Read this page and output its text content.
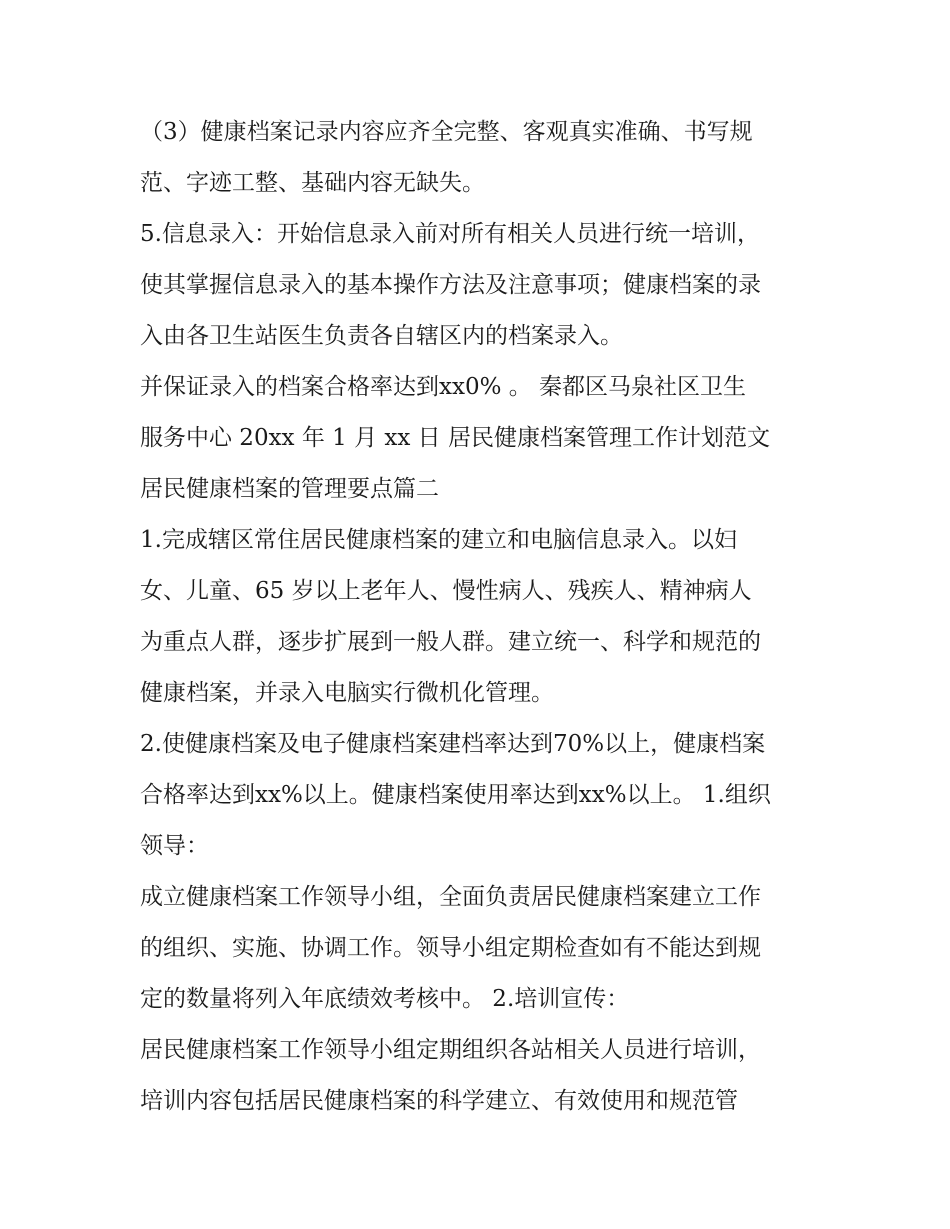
（3）健康档案记录内容应齐全完整、客观真实准确、书写规
范、字迹工整、基础内容无缺失。
5.信息录入：开始信息录入前对所有相关人员进行统一培训，
使其掌握信息录入的基本操作方法及注意事项；健康档案的录
入由各卫生站医生负责各自辖区内的档案录入。
并保证录入的档案合格率达到xx0% 。 秦都区马泉社区卫生
服务中心 20xx 年 1 月 xx 日 居民健康档案管理工作计划范文
居民健康档案的管理要点篇二
1.完成辖区常住居民健康档案的建立和电脑信息录入。以妇
女、儿童、65 岁以上老年人、慢性病人、残疾人、精神病人
为重点人群，逐步扩展到一般人群。建立统一、科学和规范的
健康档案，并录入电脑实行微机化管理。
2.使健康档案及电子健康档案建档率达到70%以上，健康档案
合格率达到xx%以上。健康档案使用率达到xx%以上。 1.组织
领导：
成立健康档案工作领导小组，全面负责居民健康档案建立工作
的组织、实施、协调工作。领导小组定期检查如有不能达到规
定的数量将列入年底绩效考核中。 2.培训宣传：
居民健康档案工作领导小组定期组织各站相关人员进行培训，
培训内容包括居民健康档案的科学建立、有效使用和规范管
